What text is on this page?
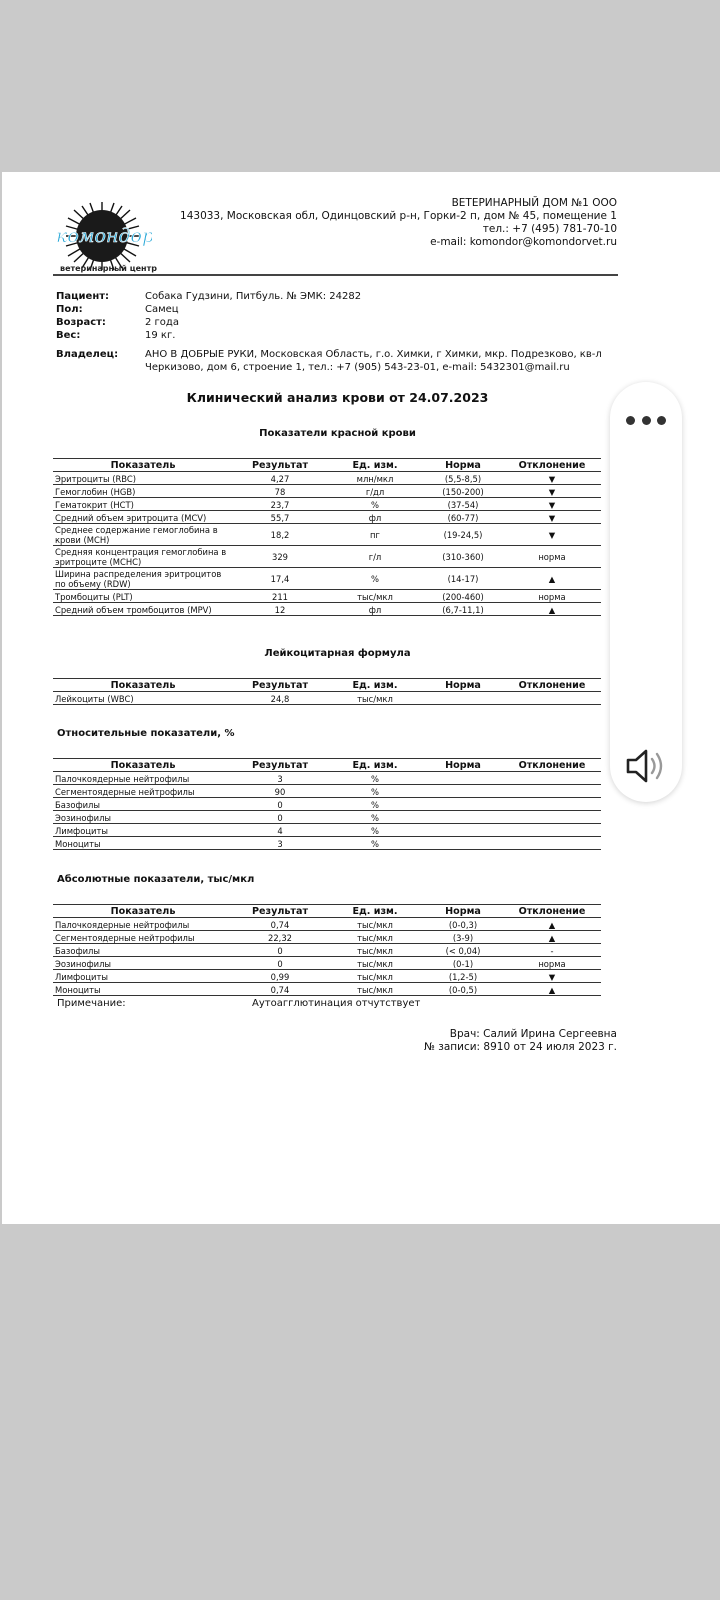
комондор
ветеринарный центр
ВЕТЕРИНАРНЫЙ ДОМ №1 ООО
143033, Московская обл, Одинцовский р-н, Горки-2 п, дом № 45, помещение 1
тел.: +7 (495) 781-70-10
e-mail: komondor@komondorvet.ru
Пациент:	Собака Гудзини, Питбуль. № ЭМК: 24282
Пол:	Самец
Возраст:	2 года
Вес:	19 кг.
Владелец:	АНО В ДОБРЫЕ РУКИ, Московская Область, г.о. Химки, г Химки, мкр. Подрезково, кв-л Черкизово, дом 6, строение 1, тел.: +7 (905) 543-23-01, e-mail: 5432301@mail.ru
Клинический анализ крови от 24.07.2023
Показатели красной крови
Показатель	Результат	Ед. изм.	Норма	Отклонение
Эритроциты (RBC)	4,27	млн/мкл	(5,5-8,5)	▼
Гемоглобин (HGB)	78	г/дл	(150-200)	▼
Гематокрит (HCT)	23,7	%	(37-54)	▼
Средний объем эритроцита (MCV)	55,7	фл	(60-77)	▼
Среднее содержание гемоглобина в крови (MCH)	18,2	пг	(19-24,5)	▼
Средняя концентрация гемоглобина в эритроците (MCHC)	329	г/л	(310-360)	норма
Ширина распределения эритроцитов по объему (RDW)	17,4	%	(14-17)	▲
Тромбоциты (PLT)	211	тыс/мкл	(200-460)	норма
Средний объем тромбоцитов (MPV)	12	фл	(6,7-11,1)	▲
Лейкоцитарная формула
Показатель	Результат	Ед. изм.	Норма	Отклонение
Лейкоциты (WBC)	24,8	тыс/мкл		
Относительные показатели, %
Показатель	Результат	Ед. изм.	Норма	Отклонение
Палочкоядерные нейтрофилы	3	%		
Сегментоядерные нейтрофилы	90	%		
Базофилы	0	%		
Эозинофилы	0	%		
Лимфоциты	4	%		
Моноциты	3	%		
Абсолютные показатели, тыс/мкл
Показатель	Результат	Ед. изм.	Норма	Отклонение
Палочкоядерные нейтрофилы	0,74	тыс/мкл	(0-0,3)	▲
Сегментоядерные нейтрофилы	22,32	тыс/мкл	(3-9)	▲
Базофилы	0	тыс/мкл	(< 0,04)	-
Эозинофилы	0	тыс/мкл	(0-1)	норма
Лимфоциты	0,99	тыс/мкл	(1,2-5)	▼
Моноциты	0,74	тыс/мкл	(0-0,5)	▲
Примечание:	Аутоагглютинация отчутствует
Врач: Салий Ирина Сергеевна
№ записи: 8910 от 24 июля 2023 г.
